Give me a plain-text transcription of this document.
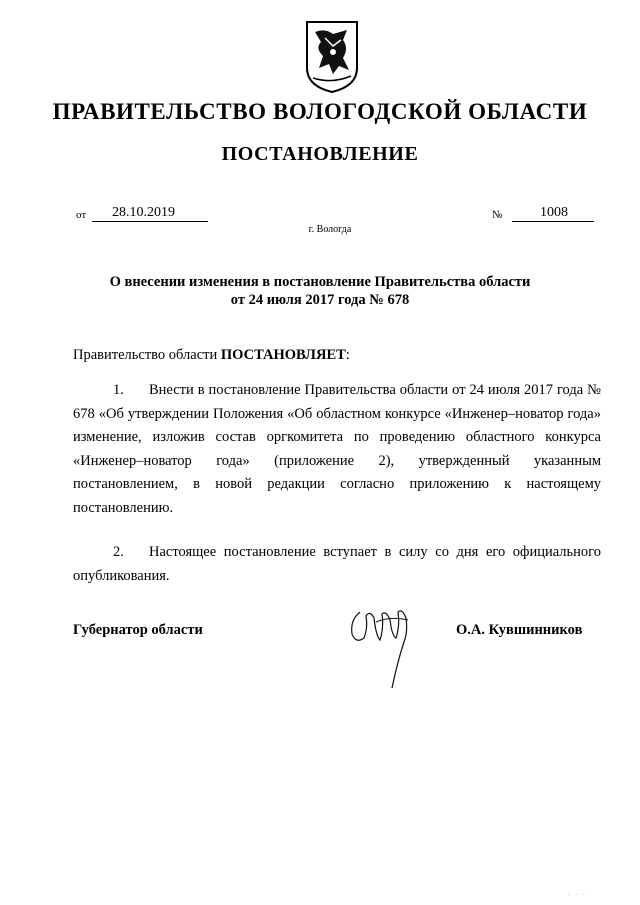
ПРАВИТЕЛЬСТВО ВОЛОГОДСКОЙ ОБЛАСТИ
ПОСТАНОВЛЕНИЕ
от	28.10.2019	№	1008
г. Вологда
О внесении изменения в постановление Правительства области
от 24 июля 2017 года № 678
Правительство области ПОСТАНОВЛЯЕТ:
1. Внести в постановление Правительства области от 24 июля 2017 года № 678 «Об утверждении Положения «Об областном конкурсе «Инженер–новатор года» изменение, изложив состав оргкомитета по проведению областного конкурса «Инженер–новатор года» (приложение 2), утвержденный указанным постановлением, в новой редакции согласно приложению к настоящему постановлению.
2. Настоящее постановление вступает в силу со дня его официального опубликования.
Губернатор области	О.А. Кувшинников
· · ·
